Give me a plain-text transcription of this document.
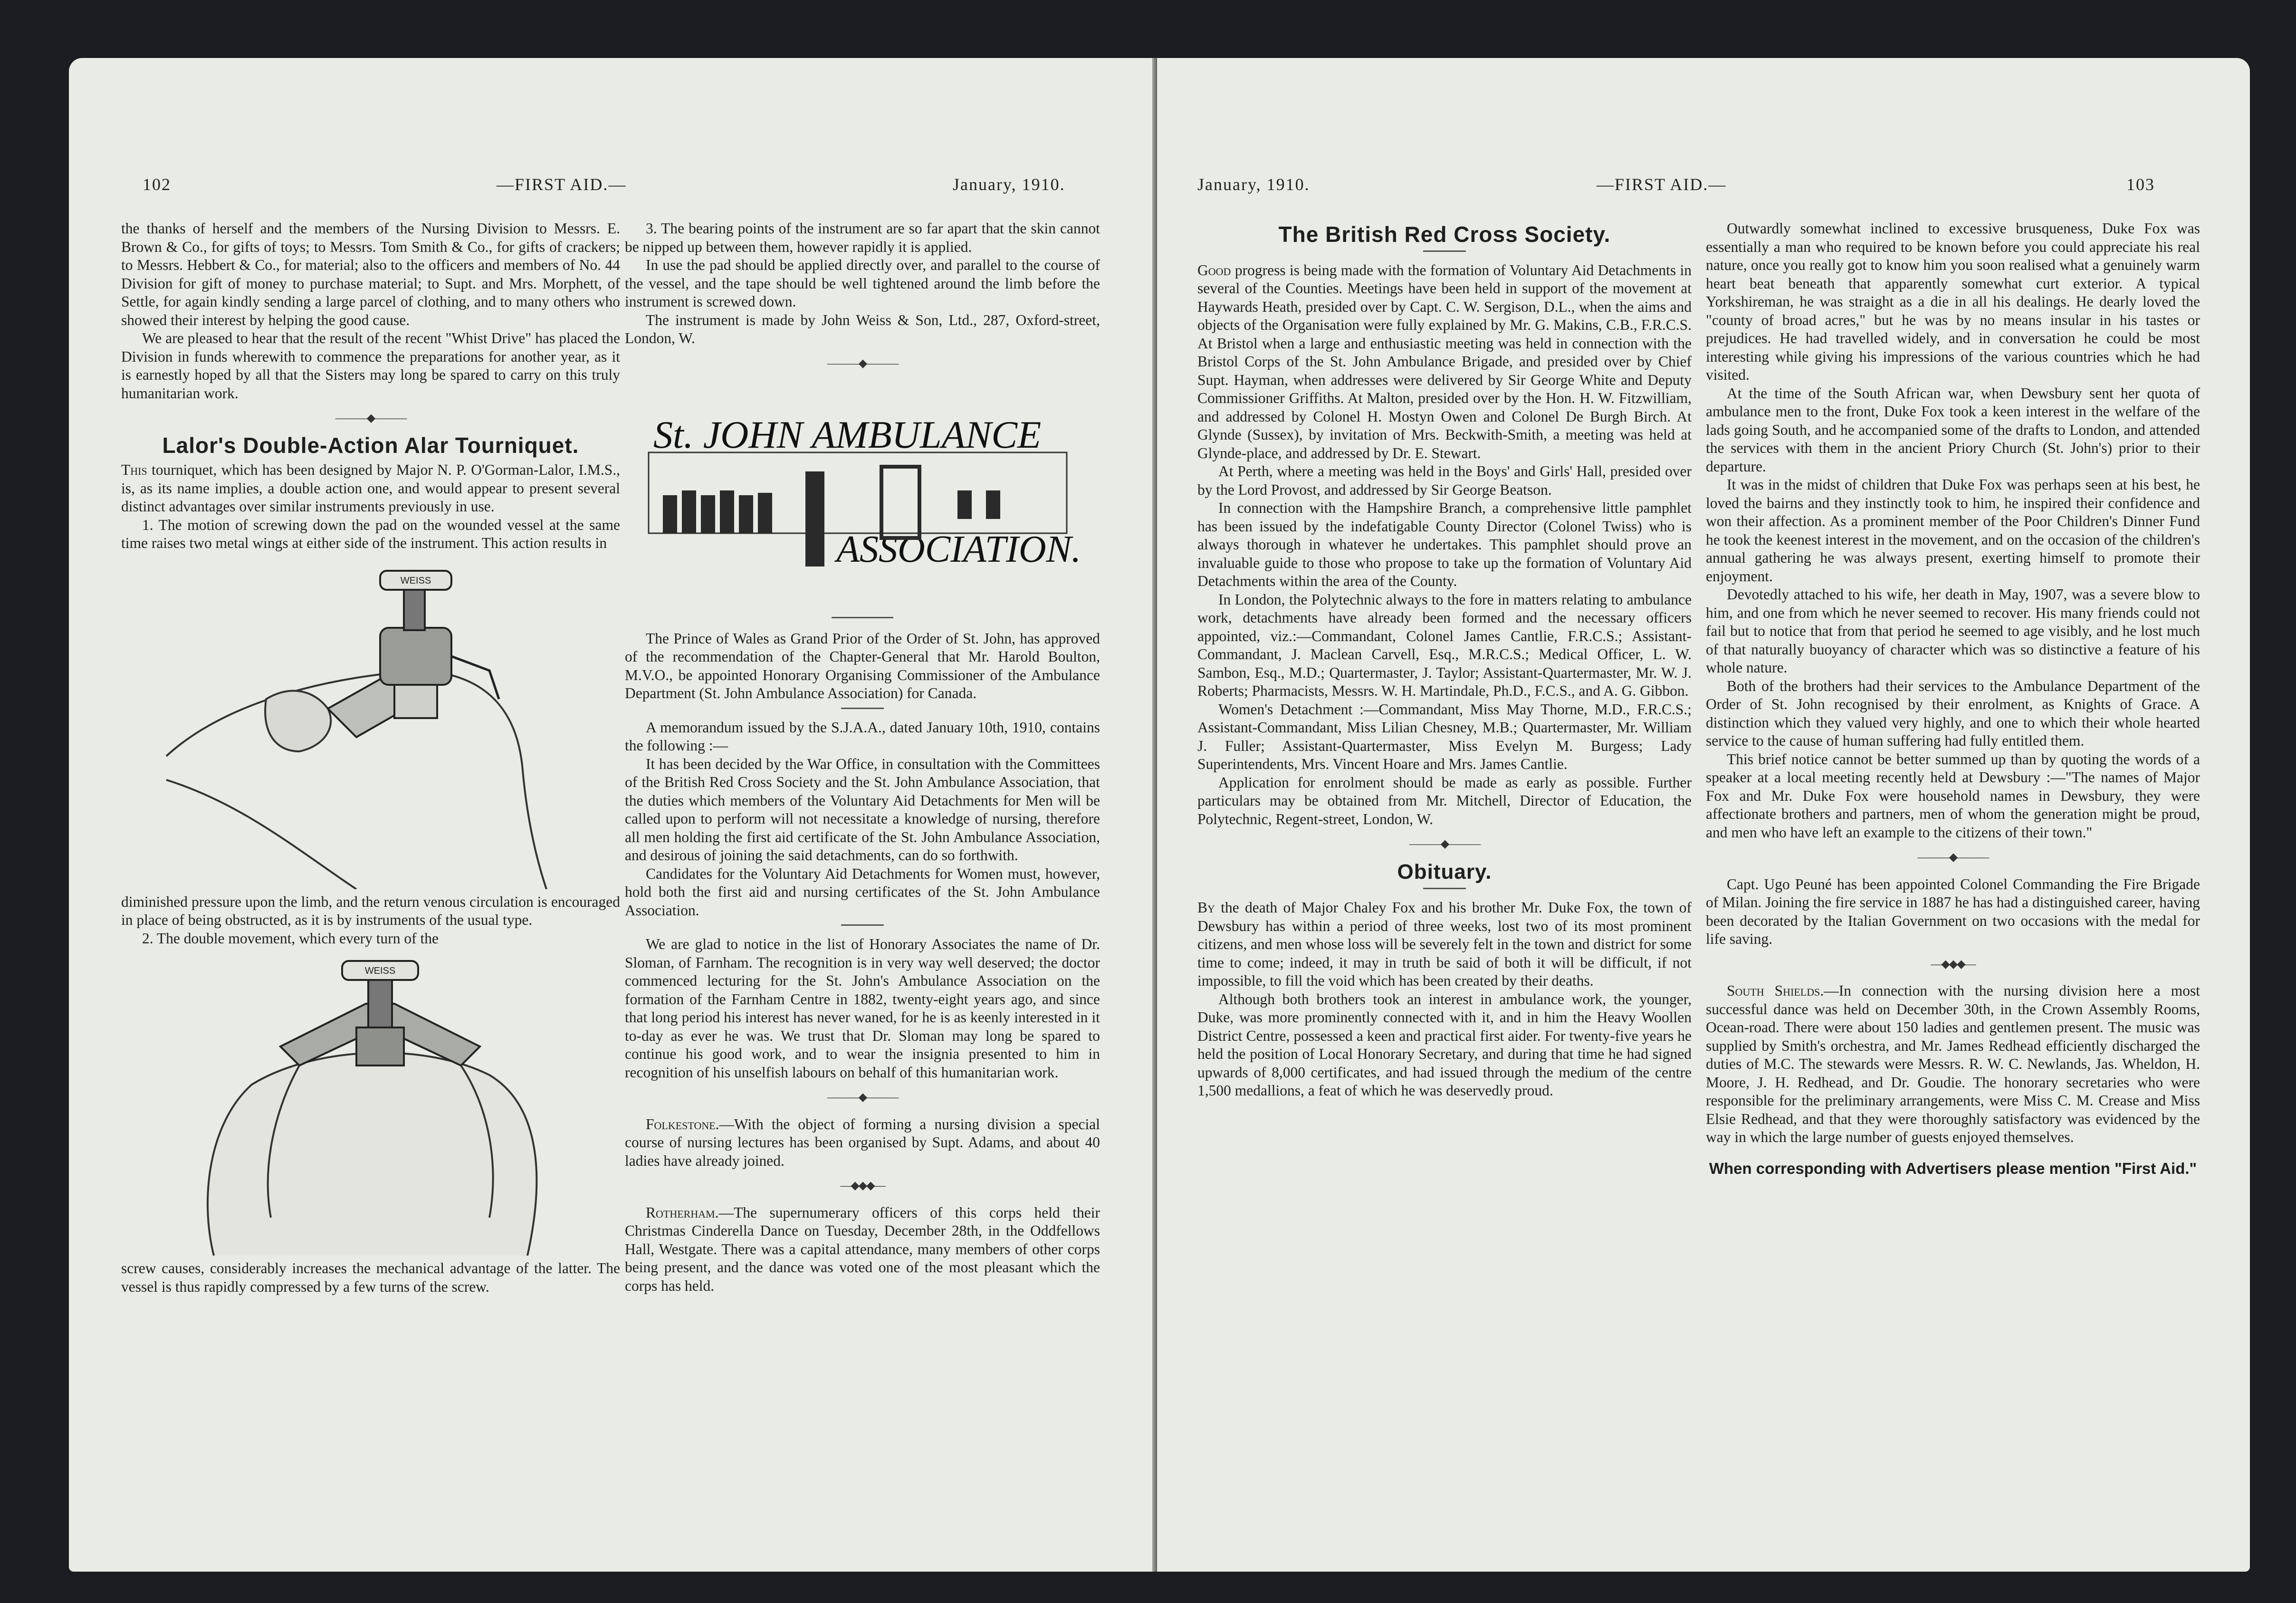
102	—FIRST AID.—	January, 1910.

the thanks of herself and the members of the Nursing Division to Messrs. E. Brown & Co., for gifts of toys; to Messrs. Tom Smith & Co., for gifts of crackers; to Messrs. Hebbert & Co., for material; also to the officers and members of No. 44 Division for gift of money to purchase material; to Supt. and Mrs. Morphett, of Settle, for again kindly sending a large parcel of clothing, and to many others who showed their interest by helping the good cause.

We are pleased to hear that the result of the recent "Whist Drive" has placed the Division in funds wherewith to commence the preparations for another year, as it is earnestly hoped by all that the Sisters may long be spared to carry on this truly humanitarian work.

———◆———
Lalor's Double-Action Alar Tourniquet.

This tourniquet, which has been designed by Major N. P. O'Gorman-Lalor, I.M.S., is, as its name implies, a double action one, and would appear to present several distinct advantages over similar instruments previously in use.

1. The motion of screwing down the pad on the wounded vessel at the same time raises two metal wings at either side of the instrument. This action results in

WEISS

diminished pressure upon the limb, and the return venous circulation is encouraged in place of being obstructed, as it is by instruments of the usual type.

2. The double movement, which every turn of the

WEISS

screw causes, considerably increases the mechanical advantage of the latter. The vessel is thus rapidly compressed by a few turns of the screw.

3. The bearing points of the instrument are so far apart that the skin cannot be nipped up between them, however rapidly it is applied.

In use the pad should be applied directly over, and parallel to the course of the vessel, and the tape should be well tightened around the limb before the instrument is screwed down.

The instrument is made by John Weiss & Son, Ltd., 287, Oxford-street, London, W.

———◆———
St. JOHN AMBULANCE
ASSOCIATION.

The Prince of Wales as Grand Prior of the Order of St. John, has approved of the recommendation of the Chapter-General that Mr. Harold Boulton, M.V.O., be appointed Honorary Organising Commissioner of the Ambulance Department (St. John Ambulance Association) for Canada.

A memorandum issued by the S.J.A.A., dated January 10th, 1910, contains the following :—

It has been decided by the War Office, in consultation with the Committees of the British Red Cross Society and the St. John Ambulance Association, that the duties which members of the Voluntary Aid Detachments for Men will be called upon to perform will not necessitate a knowledge of nursing, therefore all men holding the first aid certificate of the St. John Ambulance Association, and desirous of joining the said detachments, can do so forthwith.

Candidates for the Voluntary Aid Detachments for Women must, however, hold both the first aid and nursing certificates of the St. John Ambulance Association.

We are glad to notice in the list of Honorary Associates the name of Dr. Sloman, of Farnham. The recognition is in very way well deserved; the doctor commenced lecturing for the St. John's Ambulance Association on the formation of the Farnham Centre in 1882, twenty-eight years ago, and since that long period his interest has never waned, for he is as keenly interested in it to-day as ever he was. We trust that Dr. Sloman may long be spared to continue his good work, and to wear the insignia presented to him in recognition of his unselfish labours on behalf of this humanitarian work.

———◆———

Folkestone.—With the object of forming a nursing division a special course of nursing lectures has been organised by Supt. Adams, and about 40 ladies have already joined.

—◆◆◆—

Rotherham.—The supernumerary officers of this corps held their Christmas Cinderella Dance on Tuesday, December 28th, in the Oddfellows Hall, Westgate. There was a capital attendance, many members of other corps being present, and the dance was voted one of the most pleasant which the corps has held.

January, 1910.	—FIRST AID.—	103
The British Red Cross Society.

Good progress is being made with the formation of Voluntary Aid Detachments in several of the Counties. Meetings have been held in support of the movement at Haywards Heath, presided over by Capt. C. W. Sergison, D.L., when the aims and objects of the Organisation were fully explained by Mr. G. Makins, C.B., F.R.C.S. At Bristol when a large and enthusiastic meeting was held in connection with the Bristol Corps of the St. John Ambulance Brigade, and presided over by Chief Supt. Hayman, when addresses were delivered by Sir George White and Deputy Commissioner Griffiths. At Malton, presided over by the Hon. H. W. Fitzwilliam, and addressed by Colonel H. Mostyn Owen and Colonel De Burgh Birch. At Glynde (Sussex), by invitation of Mrs. Beckwith-Smith, a meeting was held at Glynde-place, and addressed by Dr. E. Stewart.

At Perth, where a meeting was held in the Boys' and Girls' Hall, presided over by the Lord Provost, and addressed by Sir George Beatson.

In connection with the Hampshire Branch, a comprehensive little pamphlet has been issued by the indefatigable County Director (Colonel Twiss) who is always thorough in whatever he undertakes. This pamphlet should prove an invaluable guide to those who propose to take up the formation of Voluntary Aid Detachments within the area of the County.

In London, the Polytechnic always to the fore in matters relating to ambulance work, detachments have already been formed and the necessary officers appointed, viz.:—Commandant, Colonel James Cantlie, F.R.C.S.; Assistant-Commandant, J. Maclean Carvell, Esq., M.R.C.S.; Medical Officer, L. W. Sambon, Esq., M.D.; Quartermaster, J. Taylor; Assistant-Quartermaster, Mr. W. J. Roberts; Pharmacists, Messrs. W. H. Martindale, Ph.D., F.C.S., and A. G. Gibbon.

Women's Detachment :—Commandant, Miss May Thorne, M.D., F.R.C.S.; Assistant-Commandant, Miss Lilian Chesney, M.B.; Quartermaster, Mr. William J. Fuller; Assistant-Quartermaster, Miss Evelyn M. Burgess; Lady Superintendents, Mrs. Vincent Hoare and Mrs. James Cantlie.

Application for enrolment should be made as early as possible. Further particulars may be obtained from Mr. Mitchell, Director of Education, the Polytechnic, Regent-street, London, W.

———◆———
Obituary.

By the death of Major Chaley Fox and his brother Mr. Duke Fox, the town of Dewsbury has within a period of three weeks, lost two of its most prominent citizens, and men whose loss will be severely felt in the town and district for some time to come; indeed, it may in truth be said of both it will be difficult, if not impossible, to fill the void which has been created by their deaths.

Although both brothers took an interest in ambulance work, the younger, Duke, was more prominently connected with it, and in him the Heavy Woollen District Centre, possessed a keen and practical first aider. For twenty-five years he held the position of Local Honorary Secretary, and during that time he had signed upwards of 8,000 certificates, and had issued through the medium of the centre 1,500 medallions, a feat of which he was deservedly proud.

Outwardly somewhat inclined to excessive brusqueness, Duke Fox was essentially a man who required to be known before you could appreciate his real nature, once you really got to know him you soon realised what a genuinely warm heart beat beneath that apparently somewhat curt exterior. A typical Yorkshireman, he was straight as a die in all his dealings. He dearly loved the "county of broad acres," but he was by no means insular in his tastes or prejudices. He had travelled widely, and in conversation he could be most interesting while giving his impressions of the various countries which he had visited.

At the time of the South African war, when Dewsbury sent her quota of ambulance men to the front, Duke Fox took a keen interest in the welfare of the lads going South, and he accompanied some of the drafts to London, and attended the services with them in the ancient Priory Church (St. John's) prior to their departure.

It was in the midst of children that Duke Fox was perhaps seen at his best, he loved the bairns and they instinctly took to him, he inspired their confidence and won their affection. As a prominent member of the Poor Children's Dinner Fund he took the keenest interest in the movement, and on the occasion of the children's annual gathering he was always present, exerting himself to promote their enjoyment.

Devotedly attached to his wife, her death in May, 1907, was a severe blow to him, and one from which he never seemed to recover. His many friends could not fail but to notice that from that period he seemed to age visibly, and he lost much of that naturally buoyancy of character which was so distinctive a feature of his whole nature.

Both of the brothers had their services to the Ambulance Department of the Order of St. John recognised by their enrolment, as Knights of Grace. A distinction which they valued very highly, and one to which their whole hearted service to the cause of human suffering had fully entitled them.

This brief notice cannot be better summed up than by quoting the words of a speaker at a local meeting recently held at Dewsbury :—"The names of Major Fox and Mr. Duke Fox were household names in Dewsbury, they were affectionate brothers and partners, men of whom the generation might be proud, and men who have left an example to the citizens of their town."

———◆———

Capt. Ugo Peuné has been appointed Colonel Commanding the Fire Brigade of Milan. Joining the fire service in 1887 he has had a distinguished career, having been decorated by the Italian Government on two occasions with the medal for life saving.

—◆◆◆—

South Shields.—In connection with the nursing division here a most successful dance was held on December 30th, in the Crown Assembly Rooms, Ocean-road. There were about 150 ladies and gentlemen present. The music was supplied by Smith's orchestra, and Mr. James Redhead efficiently discharged the duties of M.C. The stewards were Messrs. R. W. C. Newlands, Jas. Wheldon, H. Moore, J. H. Redhead, and Dr. Goudie. The honorary secretaries who were responsible for the preliminary arrangements, were Miss C. M. Crease and Miss Elsie Redhead, and that they were thoroughly satisfactory was evidenced by the way in which the large number of guests enjoyed themselves.

When corresponding with Advertisers please mention "First Aid."
